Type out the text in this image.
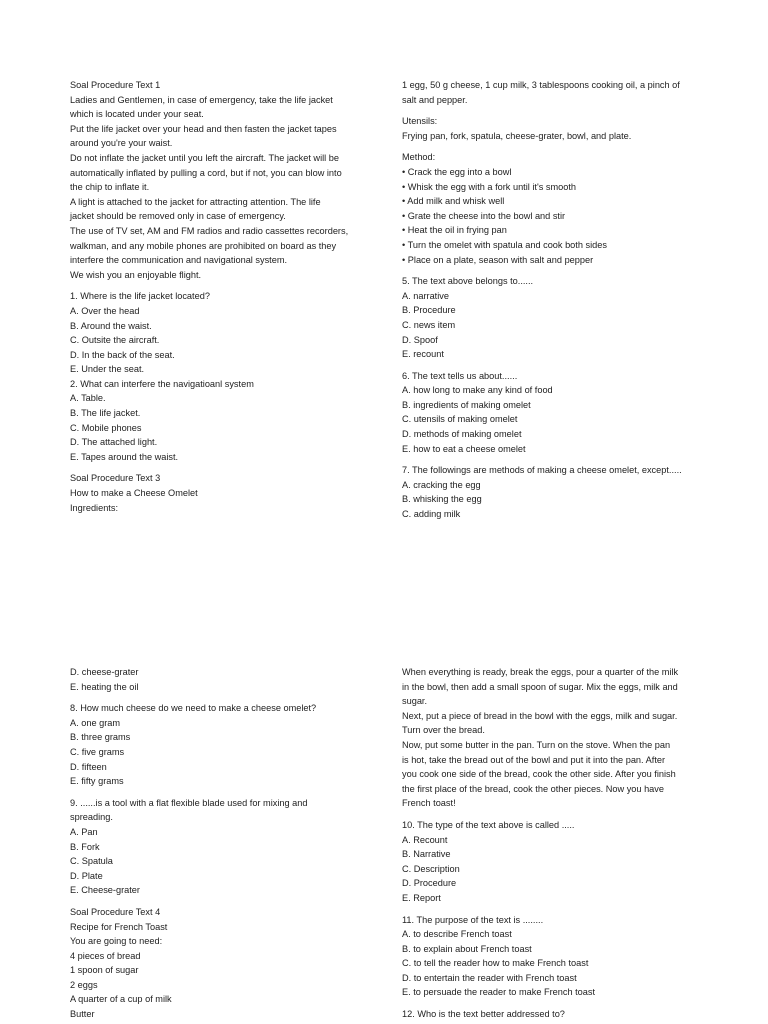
Soal Procedure Text 1
Ladies and Gentlemen, in case of emergency, take the life jacket
which is located under your seat.
Put the life jacket over your head and then fasten the jacket tapes
around you're your waist.
Do not inflate the jacket until you left the aircraft. The jacket will be
automatically inflated by pulling a cord, but if not, you can blow into
the chip to inflate it.
A light is attached to the jacket for attracting attention. The life
jacket should be removed only in case of emergency.
The use of TV set, AM and FM radios and radio cassettes recorders,
walkman, and any mobile phones are prohibited on board as they
interfere the communication and navigational system.
We wish you an enjoyable flight.
1. Where is the life jacket located?
A. Over the head
B. Around the waist.
C. Outsite the aircraft.
D. In the back of the seat.
E. Under the seat.
2. What can interfere the navigatioanl system
A. Table.
B. The life jacket.
C. Mobile phones
D. The attached light.
E. Tapes around the waist.
Soal Procedure Text 3
How to make a Cheese Omelet
Ingredients:
1 egg, 50 g cheese, 1 cup milk, 3 tablespoons cooking oil, a pinch of
salt and pepper.
Utensils:
Frying pan, fork, spatula, cheese-grater, bowl, and plate.
Method:
• Crack the egg into a bowl
• Whisk the egg with a fork until it's smooth
• Add milk and whisk well
• Grate the cheese into the bowl and stir
• Heat the oil in frying pan
• Turn the omelet with spatula and cook both sides
• Place on a plate, season with salt and pepper
5. The text above belongs to......
A. narrative
B. Procedure
C. news item
D. Spoof
E. recount
6. The text tells us about......
A. how long to make any kind of food
B. ingredients of making omelet
C. utensils of making omelet
D. methods of making omelet
E. how to eat a cheese omelet
7. The followings are methods of making a cheese omelet, except.....
A. cracking the egg
B. whisking the egg
C. adding milk
D. cheese-grater
E. heating the oil
8. How much cheese do we need to make a cheese omelet?
A. one gram
B. three grams
C. five grams
D. fifteen
E. fifty grams
9. ......is a tool with a flat flexible blade used for mixing and
spreading.
A. Pan
B. Fork
C. Spatula
D. Plate
E. Cheese-grater
Soal Procedure Text 4
Recipe for French Toast
You are going to need:
4 pieces of bread
1 spoon of sugar
2 eggs
A quarter of a cup of milk
Butter
When everything is ready, break the eggs, pour a quarter of the milk
in the bowl, then add a small spoon of sugar. Mix the eggs, milk and
sugar.
Next, put a piece of bread in the bowl with the eggs, milk and sugar.
Turn over the bread.
Now, put some butter in the pan. Turn on the stove. When the pan
is hot, take the bread out of the bowl and put it into the pan. After
you cook one side of the bread, cook the other side. After you finish
the first place of the bread, cook the other pieces. Now you have
French toast!
10. The type of the text above is called .....
A. Recount
B. Narrative
C. Description
D. Procedure
E. Report
11. The purpose of the text is ........
A. to describe French toast
B. to explain about French toast
C. to tell the reader how to make French toast
D. to entertain the reader with French toast
E. to persuade the reader to make French toast
12. Who is the text better addressed to?
